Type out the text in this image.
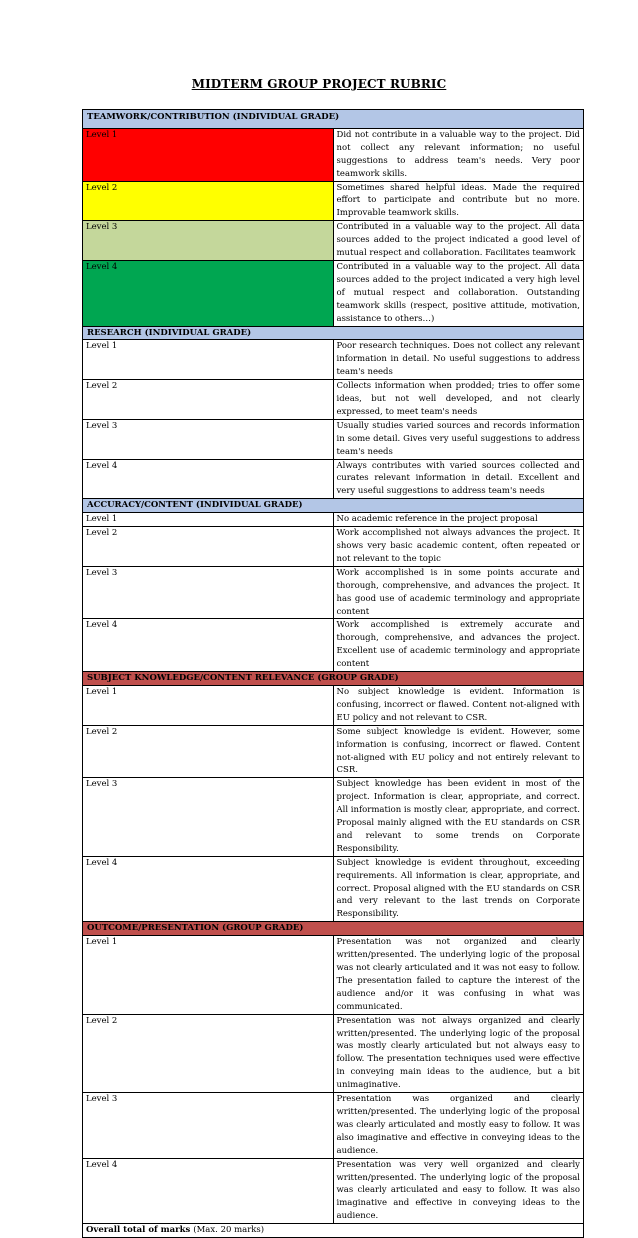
MIDTERM GROUP PROJECT RUBRIC
TEAMWORK/CONTRIBUTION (INDIVIDUAL GRADE)	
Level 1	Did not contribute in a valuable way to the project. Did not collect any relevant information; no useful suggestions to address team's needs. Very poor teamwork skills.
Level 2	Sometimes shared helpful ideas. Made the required effort to participate and contribute but no more. Improvable teamwork skills.
Level 3	Contributed in a valuable way to the project. All data sources added to the project indicated a good level of mutual respect and collaboration. Facilitates teamwork
Level 4	Contributed in a valuable way to the project. All data sources added to the project indicated a very high level of mutual respect and collaboration. Outstanding teamwork skills (respect, positive attitude, motivation, assistance to others…)
RESEARCH (INDIVIDUAL GRADE)	
Level 1	Poor research techniques. Does not collect any relevant information in detail. No useful suggestions to address team's needs
Level 2	Collects information when prodded; tries to offer some ideas, but not well developed, and not clearly expressed, to meet team's needs
Level 3	Usually studies varied sources and records information in some detail. Gives very useful suggestions to address team's needs
Level 4	Always contributes with varied sources collected and curates relevant information in detail. Excellent and very useful suggestions to address team's needs
ACCURACY/CONTENT (INDIVIDUAL GRADE)	
Level 1	No academic reference in the project proposal
Level 2	Work accomplished not always advances the project. It shows very basic academic content, often repeated or not relevant to the topic
Level 3	Work accomplished is in some points accurate and thorough, comprehensive, and advances the project. It has good use of academic terminology and appropriate content
Level 4	Work accomplished is extremely accurate and thorough, comprehensive, and advances the project. Excellent use of academic terminology and appropriate content
SUBJECT KNOWLEDGE/CONTENT RELEVANCE (GROUP GRADE)	
Level 1	No subject knowledge is evident. Information is confusing, incorrect or flawed. Content not-aligned with EU policy and not relevant to CSR.
Level 2	Some subject knowledge is evident. However, some information is confusing, incorrect or flawed. Content not-aligned with EU policy and not entirely relevant to CSR.
Level 3	Subject knowledge has been evident in most of the project. Information is clear, appropriate, and correct. All information is mostly clear, appropriate, and correct. Proposal mainly aligned with the EU standards on CSR and relevant to some trends on Corporate Responsibility.
Level 4	Subject knowledge is evident throughout, exceeding requirements. All information is clear, appropriate, and correct. Proposal aligned with the EU standards on CSR and very relevant to the last trends on Corporate Responsibility.
OUTCOME/PRESENTATION (GROUP GRADE)	
Level 1	Presentation was not organized and clearly written/presented. The underlying logic of the proposal was not clearly articulated and it was not easy to follow. The presentation failed to capture the interest of the audience and/or it was confusing in what was communicated.
Level 2	Presentation was not always organized and clearly written/presented. The underlying logic of the proposal was mostly clearly articulated but not always easy to follow. The presentation techniques used were effective in conveying main ideas to the audience, but a bit unimaginative.
Level 3	Presentation was organized and clearly written/presented. The underlying logic of the proposal was clearly articulated and mostly easy to follow. It was also imaginative and effective in conveying ideas to the audience.
Level 4	Presentation was very well organized and clearly written/presented. The underlying logic of the proposal was clearly articulated and easy to follow. It was also imaginative and effective in conveying ideas to the audience.
Overall total of marks (Max. 20 marks)	
